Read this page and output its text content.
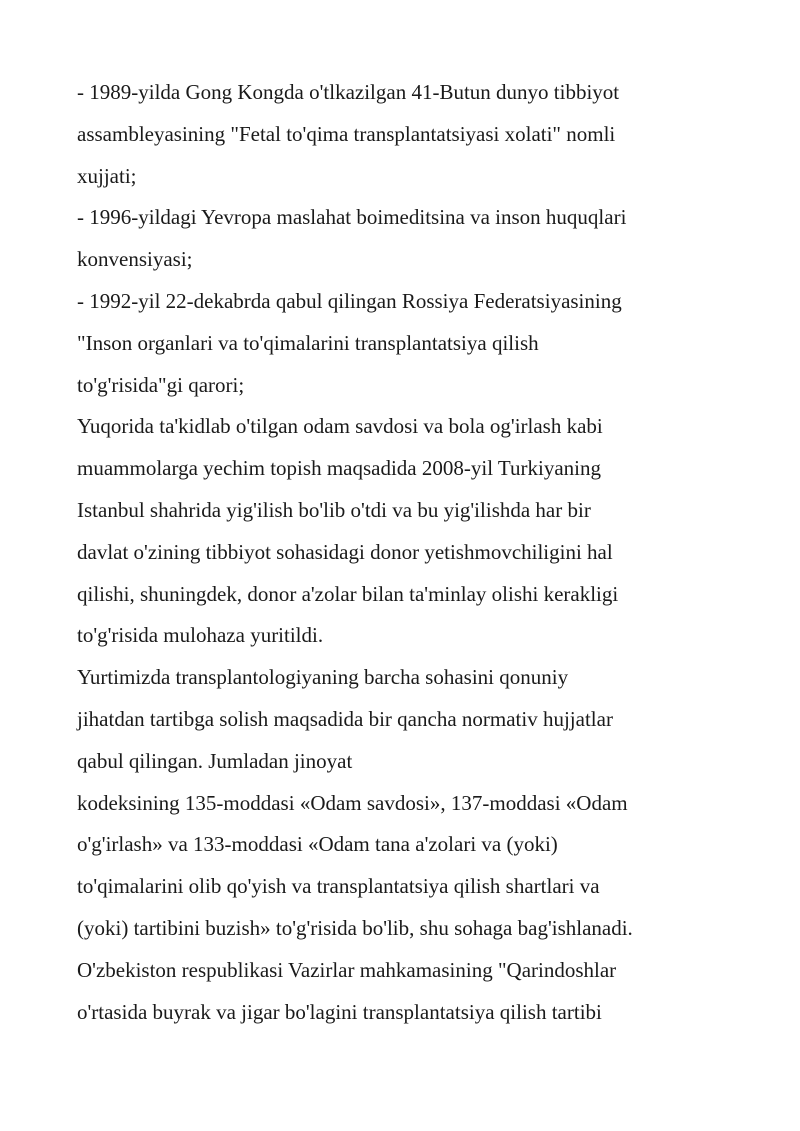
- 1989-yilda Gong Kongda o'tlkazilgan 41-Butun dunyo tibbiyot
assambleyasining "Fetal to'qima transplantatsiyasi xolati" nomli
xujjati;
- 1996-yildagi Yevropa maslahat boimeditsina va inson huquqlari
konvensiyasi;
- 1992-yil 22-dekabrda qabul qilingan Rossiya Federatsiyasining
"Inson organlari va to'qimalarini transplantatsiya qilish
to'g'risida"gi qarori;
Yuqorida ta'kidlab o'tilgan odam savdosi va bola og'irlash kabi
muammolarga yechim topish maqsadida 2008-yil Turkiyaning
Istanbul shahrida yig'ilish bo'lib o'tdi va bu yig'ilishda har bir
davlat o'zining tibbiyot sohasidagi donor yetishmovchiligini hal
qilishi, shuningdek, donor a'zolar bilan ta'minlay olishi kerakligi
to'g'risida mulohaza yuritildi.
Yurtimizda transplantologiyaning barcha sohasini qonuniy
jihatdan tartibga solish maqsadida bir qancha normativ hujjatlar
qabul qilingan. Jumladan jinoyat
kodeksining 135-moddasi «Odam savdosi», 137-moddasi «Odam
o'g'irlash» va 133-moddasi «Odam tana a'zolari va (yoki)
to'qimalarini olib qo'yish va transplantatsiya qilish shartlari va
(yoki) tartibini buzish» to'g'risida bo'lib, shu sohaga bag'ishlanadi.
O'zbekiston respublikasi Vazirlar mahkamasining "Qarindoshlar
o'rtasida buyrak va jigar bo'lagini transplantatsiya qilish tartibi
